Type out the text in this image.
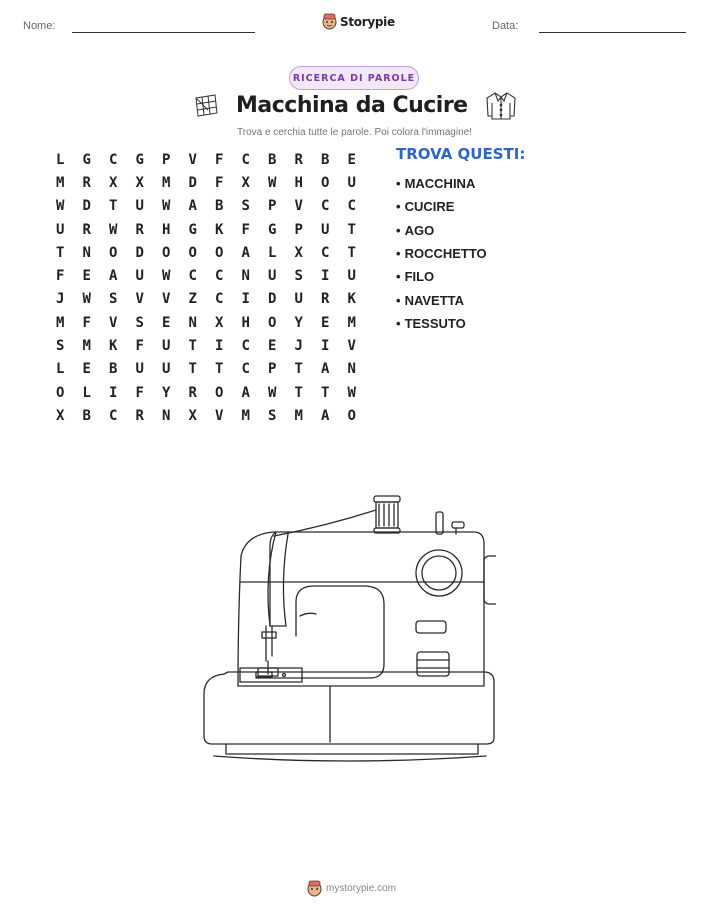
Nome:	Storypie	Data:
RICERCA DI PAROLE
Macchina da Cucire
Trova e cerchia tutte le parole. Poi colora l'immagine!
L	G	C	G	P	V	F	C	B	R	B	E
M	R	X	X	M	D	F	X	W	H	O	U
W	D	T	U	W	A	B	S	P	V	C	C
U	R	W	R	H	G	K	F	G	P	U	T
T	N	O	D	O	O	O	A	L	X	C	T
F	E	A	U	W	C	C	N	U	S	I	U
J	W	S	V	V	Z	C	I	D	U	R	K
M	F	V	S	E	N	X	H	O	Y	E	M
S	M	K	F	U	T	I	C	E	J	I	V
L	E	B	U	U	T	T	C	P	T	A	N
O	L	I	F	Y	R	O	A	W	T	T	W
X	B	C	R	N	X	V	M	S	M	A	O
TROVA QUESTI:
• MACCHINA
• CUCIRE
• AGO
• ROCCHETTO
• FILO
• NAVETTA
• TESSUTO
mystorypie.com
